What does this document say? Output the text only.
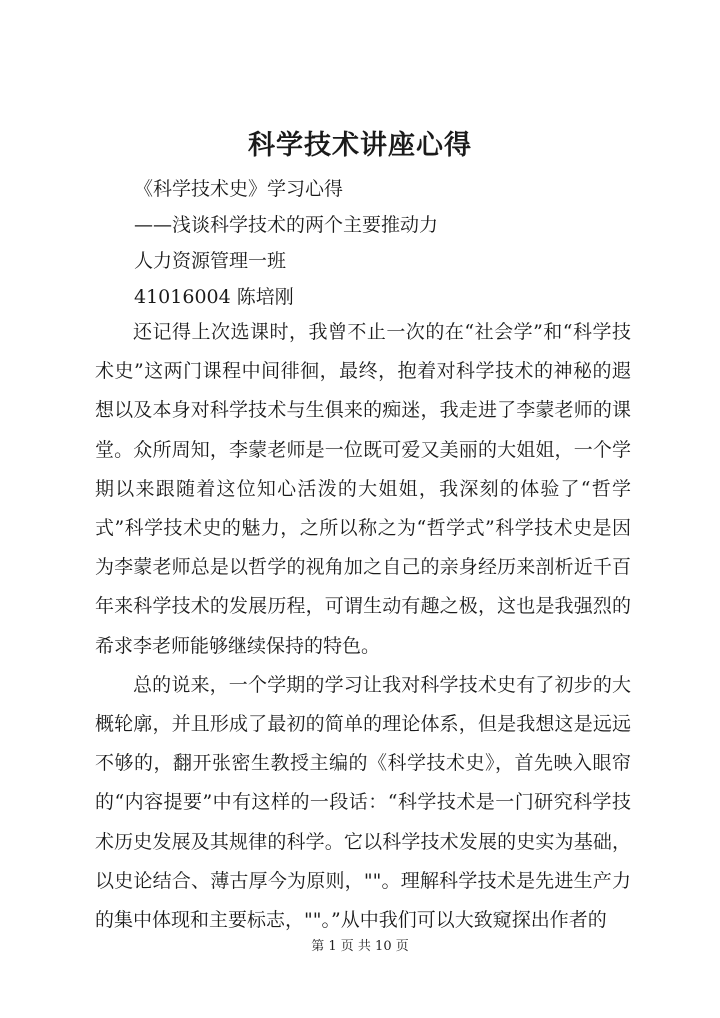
科学技术讲座心得
《科学技术史》学习心得
——浅谈科学技术的两个主要推动力
人力资源管理一班
41016004 陈培刚

还记得上次选课时，我曾不止一次的在“社会学”和“科学技术史”这两门课程中间徘徊，最终，抱着对科学技术的神秘的遐想以及本身对科学技术与生俱来的痴迷，我走进了李蒙老师的课堂。众所周知，李蒙老师是一位既可爱又美丽的大姐姐，一个学期以来跟随着这位知心活泼的大姐姐，我深刻的体验了“哲学式”科学技术史的魅力，之所以称之为“哲学式”科学技术史是因为李蒙老师总是以哲学的视角加之自己的亲身经历来剖析近千百年来科学技术的发展历程，可谓生动有趣之极，这也是我强烈的希求李老师能够继续保持的特色。

总的说来，一个学期的学习让我对科学技术史有了初步的大概轮廓，并且形成了最初的简单的理论体系，但是我想这是远远不够的，翻开张密生教授主编的《科学技术史》，首先映入眼帘的“内容提要”中有这样的一段话：“科学技术是一门研究科学技术历史发展及其规律的科学。它以科学技术发展的史实为基础，以史论结合、薄古厚今为原则，""。理解科学技术是先进生产力的集中体现和主要标志，""。”从中我们可以大致窥探出作者的

第 1 页 共 10 页
